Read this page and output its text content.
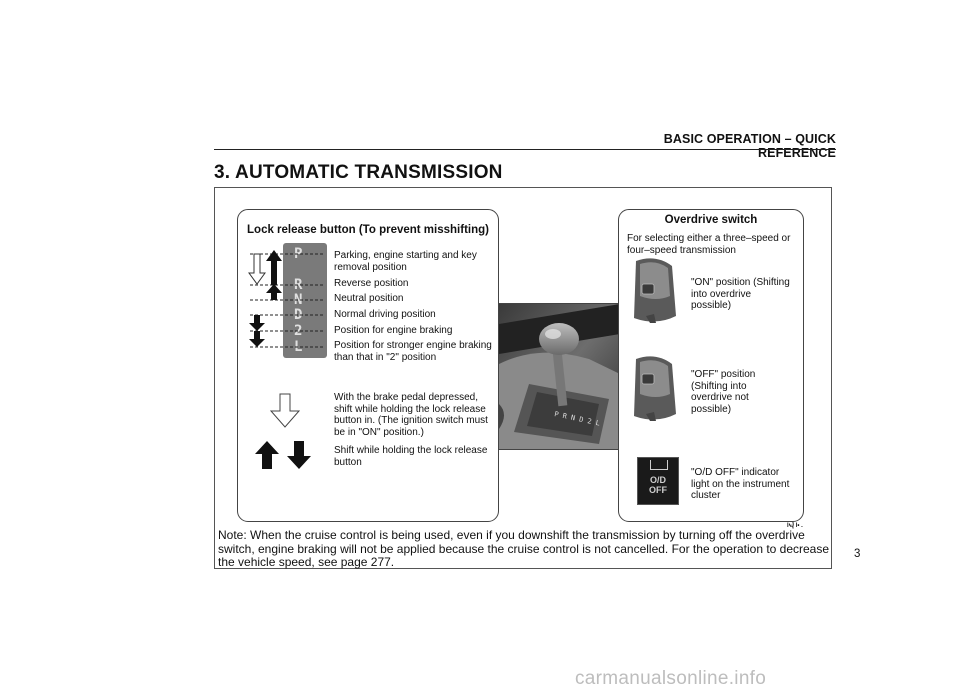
BASIC OPERATION – QUICK REFERENCE
3. AUTOMATIC TRANSMISSION
P R N D 2 L
Lock release button (To prevent misshifting)
P
R
N
D
2
L
Parking, engine starting and key removal position
Reverse position
Neutral position
Normal driving position
Position for engine braking
Position for stronger engine braking than that in "2" position
With the brake pedal depressed, shift while holding the lock release button in. (The ignition switch must be in "ON" position.)
Shift while holding the lock release button
Overdrive switch
For selecting either a three–speed or four–speed transmission
"ON" position (Shifting into overdrive possible)
"OFF" position (Shifting into overdrive not possible)
O/D
OFF
"O/D OFF" indicator light on the instrument cluster
lⴏ l• .
Note: When the cruise control is being used, even if you downshift the transmission by turning off the overdrive switch, engine braking will not be applied because the cruise control is not cancelled. For the operation to decrease the vehicle speed, see page 277.
3
carmanualsonline.info
